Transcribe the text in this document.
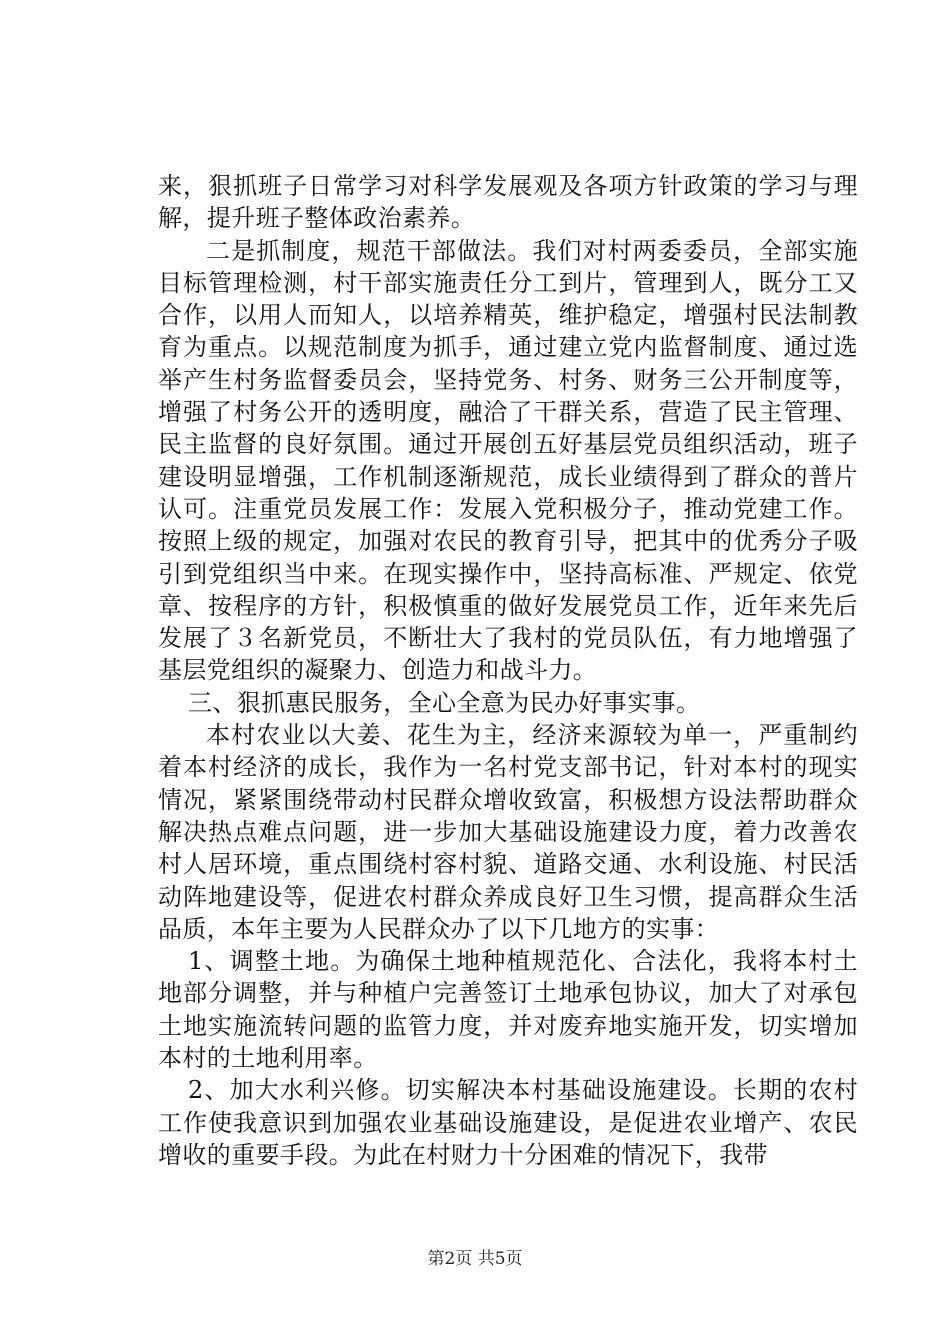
来，狠抓班子日常学习对科学发展观及各项方针政策的学习与理解，提升班子整体政治素养。

二是抓制度，规范干部做法。我们对村两委委员，全部实施目标管理检测，村干部实施责任分工到片，管理到人，既分工又合作，以用人而知人，以培养精英，维护稳定，增强村民法制教育为重点。以规范制度为抓手，通过建立党内监督制度、通过选举产生村务监督委员会，坚持党务、村务、财务三公开制度等，增强了村务公开的透明度，融洽了干群关系，营造了民主管理、民主监督的良好氛围。通过开展创五好基层党员组织活动，班子建设明显增强，工作机制逐渐规范，成长业绩得到了群众的普片认可。注重党员发展工作：发展入党积极分子，推动党建工作。按照上级的规定，加强对农民的教育引导，把其中的优秀分子吸引到党组织当中来。在现实操作中，坚持高标准、严规定、依党章、按程序的方针，积极慎重的做好发展党员工作，近年来先后发展了３名新党员，不断壮大了我村的党员队伍，有力地增强了基层党组织的凝聚力、创造力和战斗力。

三、狠抓惠民服务，全心全意为民办好事实事。

本村农业以大姜、花生为主，经济来源较为单一，严重制约着本村经济的成长，我作为一名村党支部书记，针对本村的现实情况，紧紧围绕带动村民群众增收致富，积极想方设法帮助群众解决热点难点问题，进一步加大基础设施建设力度，着力改善农村人居环境，重点围绕村容村貌、道路交通、水利设施、村民活动阵地建设等，促进农村群众养成良好卫生习惯，提高群众生活品质，本年主要为人民群众办了以下几地方的实事：

1、调整土地。为确保土地种植规范化、合法化，我将本村土地部分调整，并与种植户完善签订土地承包协议，加大了对承包土地实施流转问题的监管力度，并对废弃地实施开发，切实增加本村的土地利用率。

2、加大水利兴修。切实解决本村基础设施建设。长期的农村工作使我意识到加强农业基础设施建设，是促进农业增产、农民增收的重要手段。为此在村财力十分困难的情况下，我带

第2页 共5页
